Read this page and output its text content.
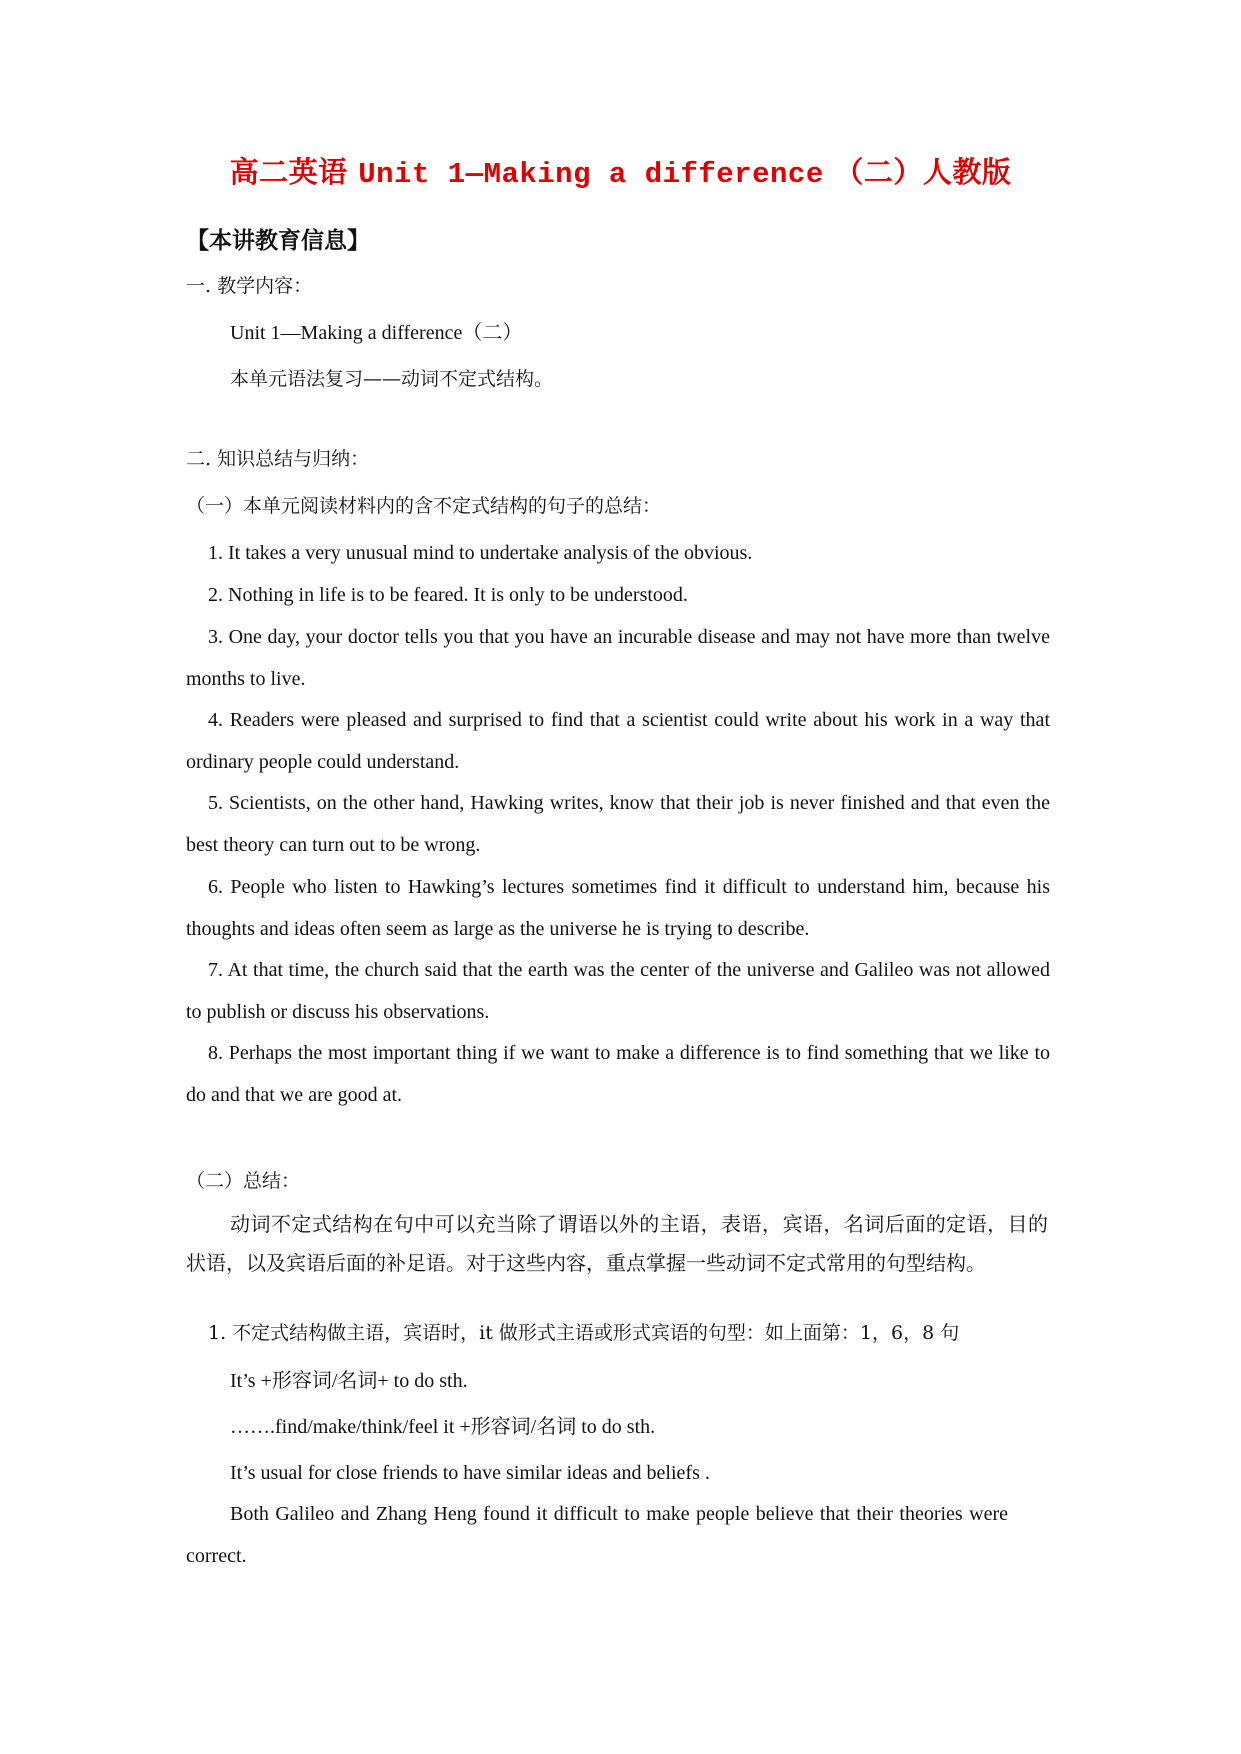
高二英语 Unit 1—Making a difference （二）人教版
【本讲教育信息】
一. 教学内容：
Unit 1—Making a difference（二）
本单元语法复习——动词不定式结构。
二. 知识总结与归纳：
（一）本单元阅读材料内的含不定式结构的句子的总结：
1. It takes a very unusual mind to undertake analysis of the obvious.
2. Nothing in life is to be feared. It is only to be understood.
3. One day, your doctor tells you that you have an incurable disease and may not have more than twelve months to live.
4. Readers were pleased and surprised to find that a scientist could write about his work in a way that ordinary people could understand.
5. Scientists, on the other hand, Hawking writes, know that their job is never finished and that even the best theory can turn out to be wrong.
6. People who listen to Hawking’s lectures sometimes find it difficult to understand him, because his thoughts and ideas often seem as large as the universe he is trying to describe.
7. At that time, the church said that the earth was the center of the universe and Galileo was not allowed to publish or discuss his observations.
8. Perhaps the most important thing if we want to make a difference is to find something that we like to do and that we are good at.
（二）总结：
动词不定式结构在句中可以充当除了谓语以外的主语，表语，宾语，名词后面的定语，目的状语，以及宾语后面的补足语。对于这些内容，重点掌握一些动词不定式常用的句型结构。
1. 不定式结构做主语，宾语时，it 做形式主语或形式宾语的句型：如上面第：1，6，8 句
It’s +形容词/名词+ to do sth.
…….find/make/think/feel it +形容词/名词 to do sth.
It’s usual for close friends to have similar ideas and beliefs .
Both Galileo and Zhang Heng found it difficult to make people believe that their theories were correct.
